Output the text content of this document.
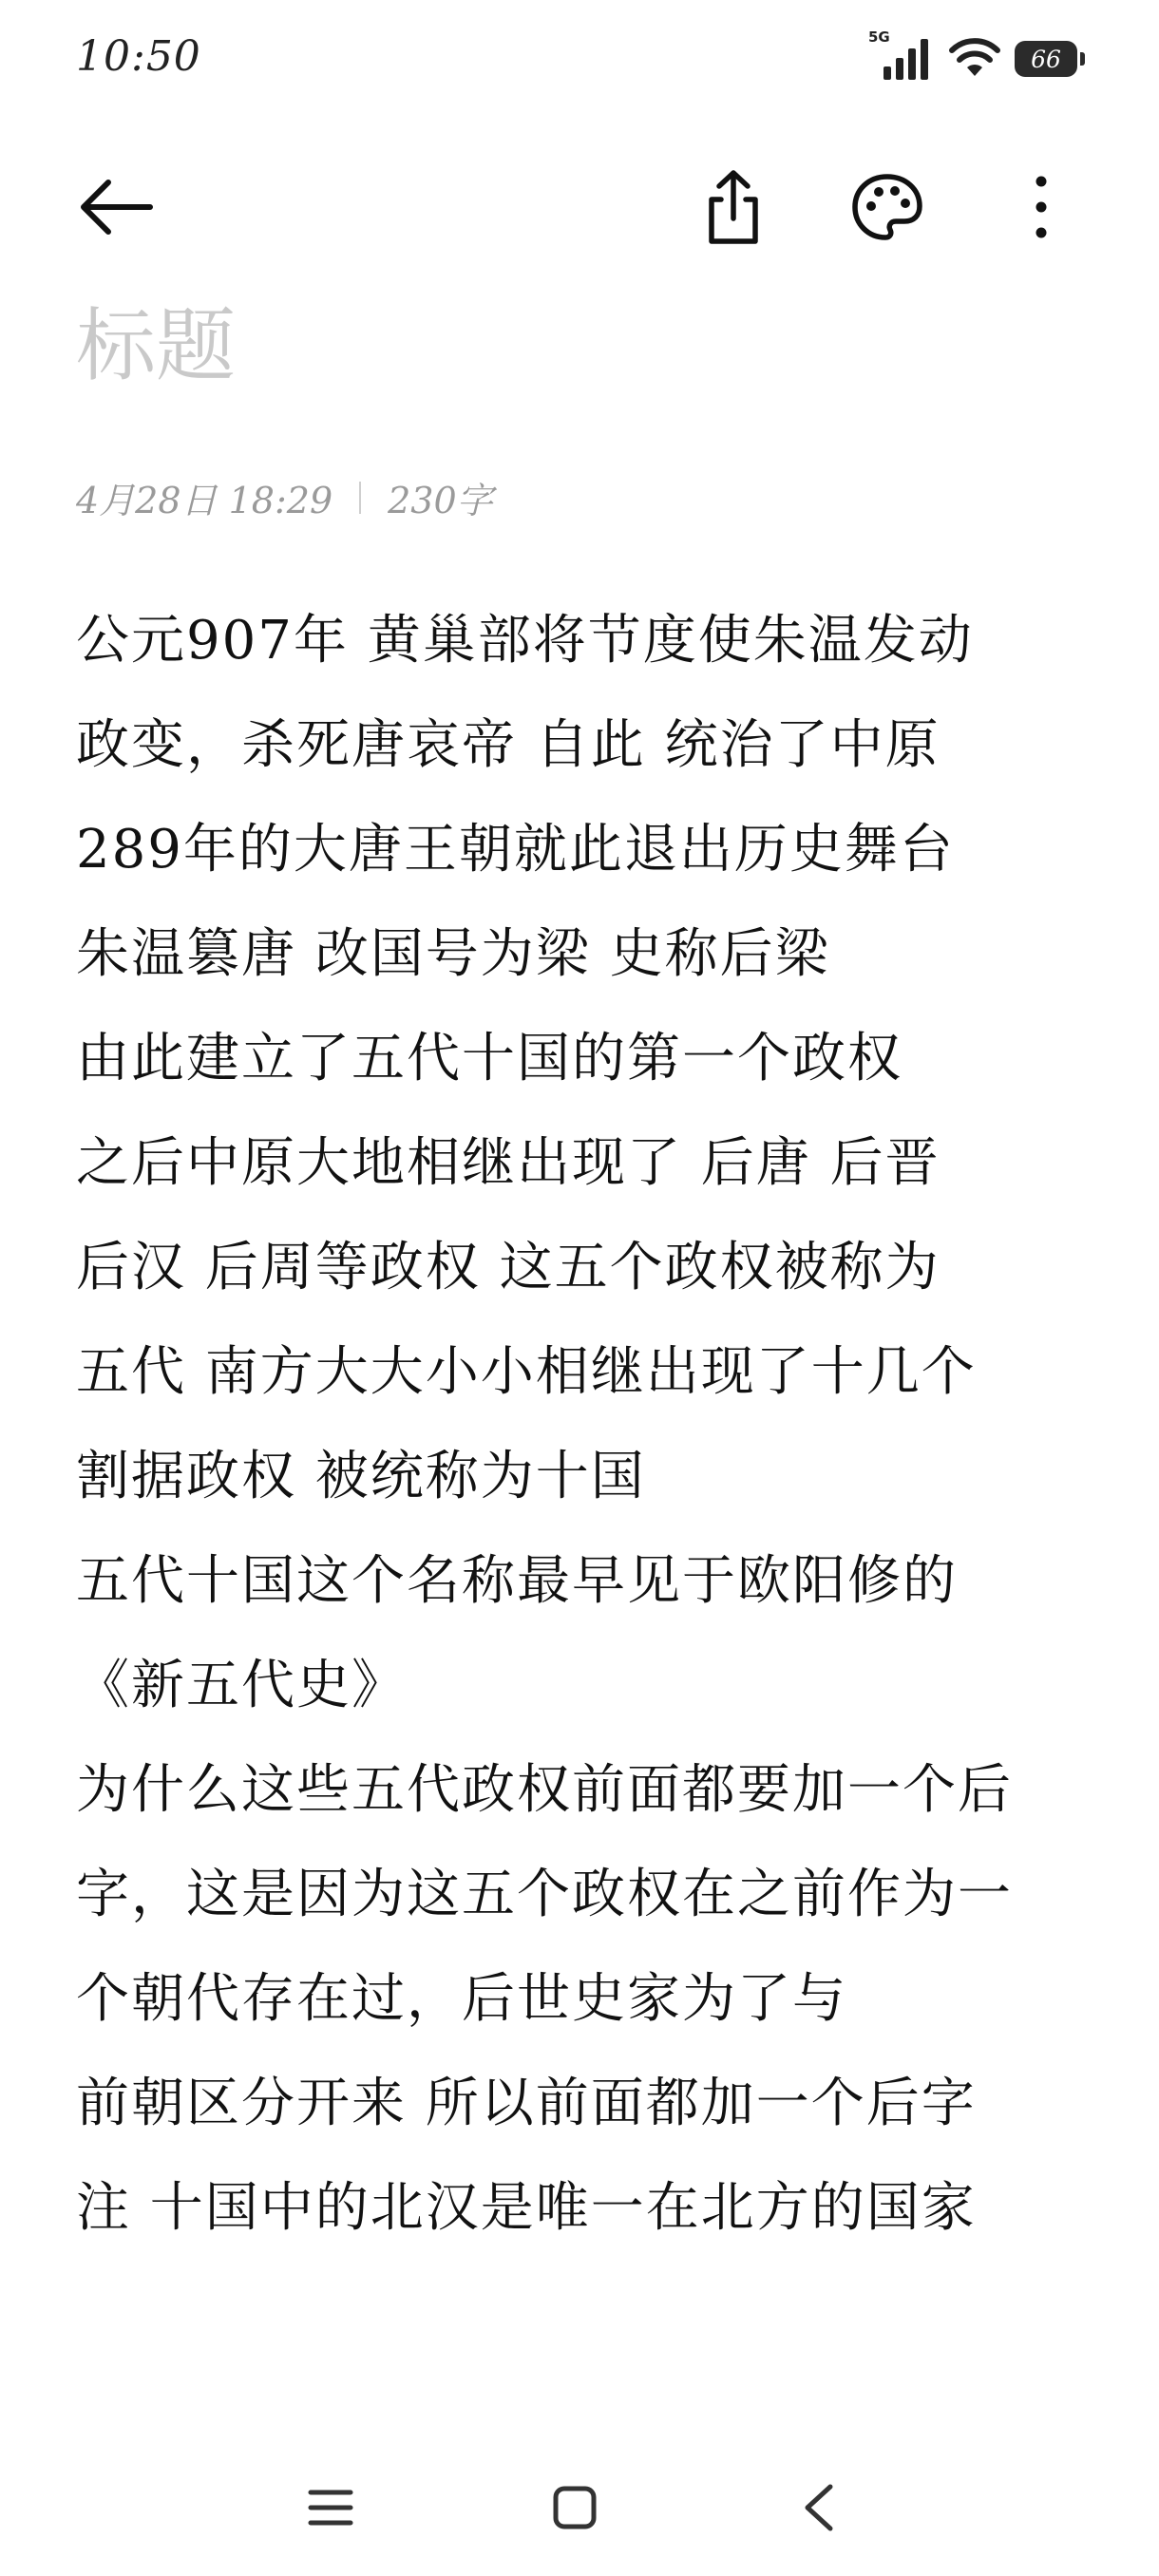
10:50	5G
66
标题
4月28日 18:29 230字
公元907年 黄巢部将节度使朱温发动
政变，杀死唐哀帝 自此 统治了中原
289年的大唐王朝就此退出历史舞台
朱温篡唐 改国号为梁 史称后梁
由此建立了五代十国的第一个政权
之后中原大地相继出现了 后唐 后晋
后汉 后周等政权 这五个政权被称为
五代 南方大大小小相继出现了十几个
割据政权 被统称为十国
五代十国这个名称最早见于欧阳修的
《新五代史》
为什么这些五代政权前面都要加一个后
字，这是因为这五个政权在之前作为一
个朝代存在过，后世史家为了与
前朝区分开来 所以前面都加一个后字
注 十国中的北汉是唯一在北方的国家
